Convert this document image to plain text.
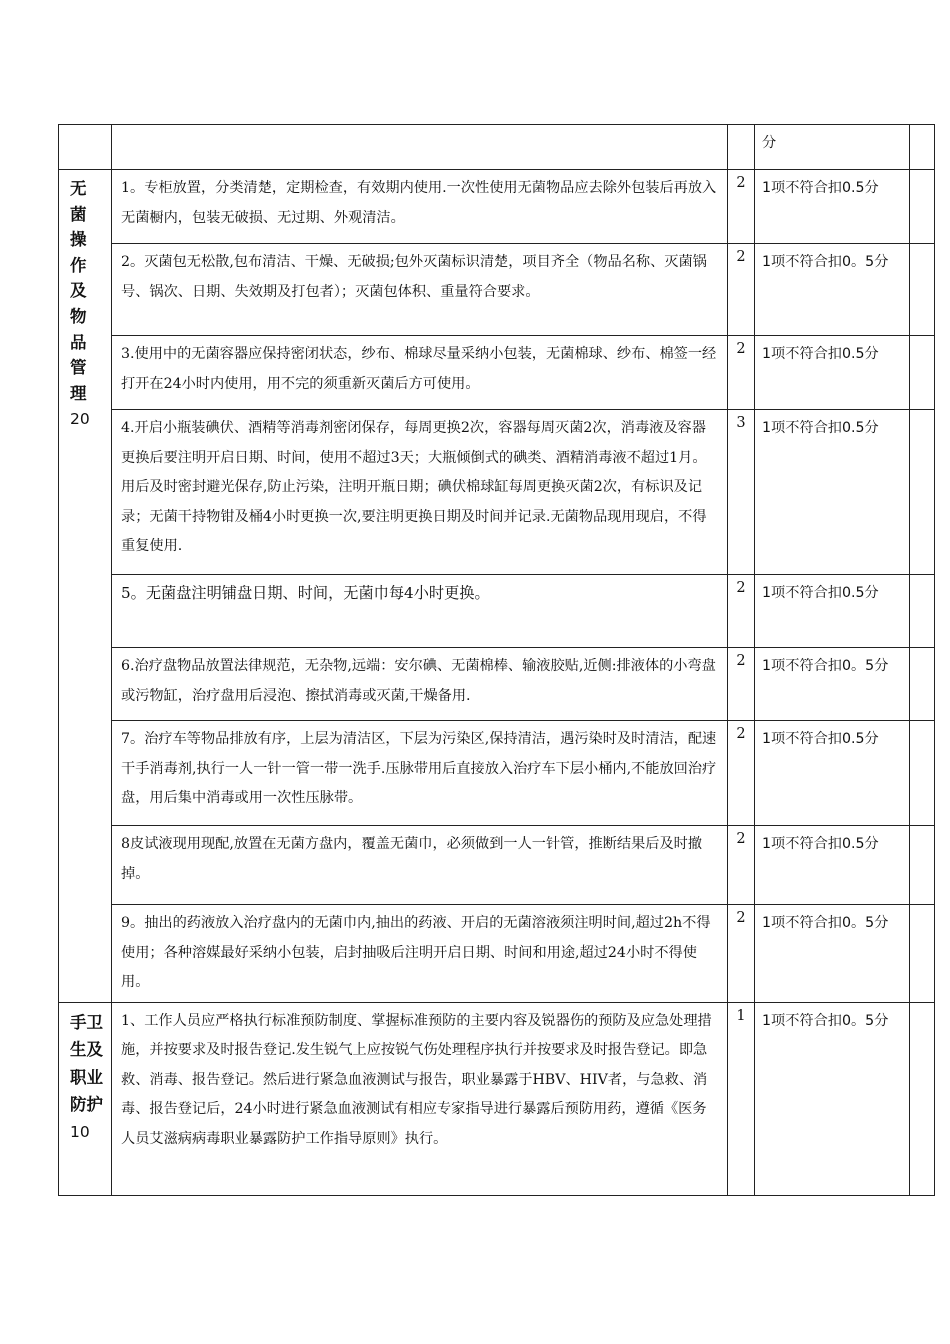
			分	

无菌操作及物品管理
20	1。专柜放置，分类清楚，定期检查，有效期内使用.一次性使用无菌物品应去除外包装后再放入无菌橱内，包装无破损、无过期、外观清洁。	2	1项不符合扣0.5分	
	2。灭菌包无松散,包布清洁、干燥、无破损;包外灭菌标识清楚，项目齐全（物品名称、灭菌锅号、锅次、日期、失效期及打包者）；灭菌包体积、重量符合要求。	2	1项不符合扣0。5分	
	3.使用中的无菌容器应保持密闭状态，纱布、棉球尽量采纳小包装，无菌棉球、纱布、棉签一经打开在24小时内使用，用不完的须重新灭菌后方可使用。	2	1项不符合扣0.5分	
	4.开启小瓶装碘伏、酒精等消毒剂密闭保存，每周更换2次，容器每周灭菌2次，消毒液及容器更换后要注明开启日期、时间，使用不超过3天；大瓶倾倒式的碘类、酒精消毒液不超过1月。用后及时密封避光保存,防止污染，注明开瓶日期；碘伏棉球缸每周更换灭菌2次，有标识及记录；无菌干持物钳及桶4小时更换一次,要注明更换日期及时间并记录.无菌物品现用现启，不得重复使用.	3	1项不符合扣0.5分	
	5。无菌盘注明铺盘日期、时间，无菌巾每4小时更换。	2	1项不符合扣0.5分	
	6.治疗盘物品放置法律规范，无杂物,远端：安尔碘、无菌棉棒、输液胶贴,近侧:排液体的小弯盘或污物缸，治疗盘用后浸泡、擦拭消毒或灭菌,干燥备用.	2	1项不符合扣0。5分	
	7。治疗车等物品排放有序，上层为清洁区，下层为污染区,保持清洁，遇污染时及时清洁，配速干手消毒剂,执行一人一针一管一带一洗手.压脉带用后直接放入治疗车下层小桶内,不能放回治疗盘，用后集中消毒或用一次性压脉带。	2	1项不符合扣0.5分	
	8皮试液现用现配,放置在无菌方盘内，覆盖无菌巾，必须做到一人一针管，推断结果后及时撤掉。	2	1项不符合扣0.5分	
	9。抽出的药液放入治疗盘内的无菌巾内,抽出的药液、开启的无菌溶液须注明时间,超过2h不得使用；各种溶媒最好采纳小包装，启封抽吸后注明开启日期、时间和用途,超过24小时不得使用。	2	1项不符合扣0。5分	

手卫生及职业防护
10	1、工作人员应严格执行标准预防制度、掌握标准预防的主要内容及锐器伤的预防及应急处理措施，并按要求及时报告登记.发生锐气上应按锐气伤处理程序执行并按要求及时报告登记。即急救、消毒、报告登记。然后进行紧急血液测试与报告，职业暴露于HBV、HIV者，与急救、消毒、报告登记后，24小时进行紧急血液测试有相应专家指导进行暴露后预防用药，遵循《医务人员艾滋病病毒职业暴露防护工作指导原则》执行。	1	1项不符合扣0。5分	
